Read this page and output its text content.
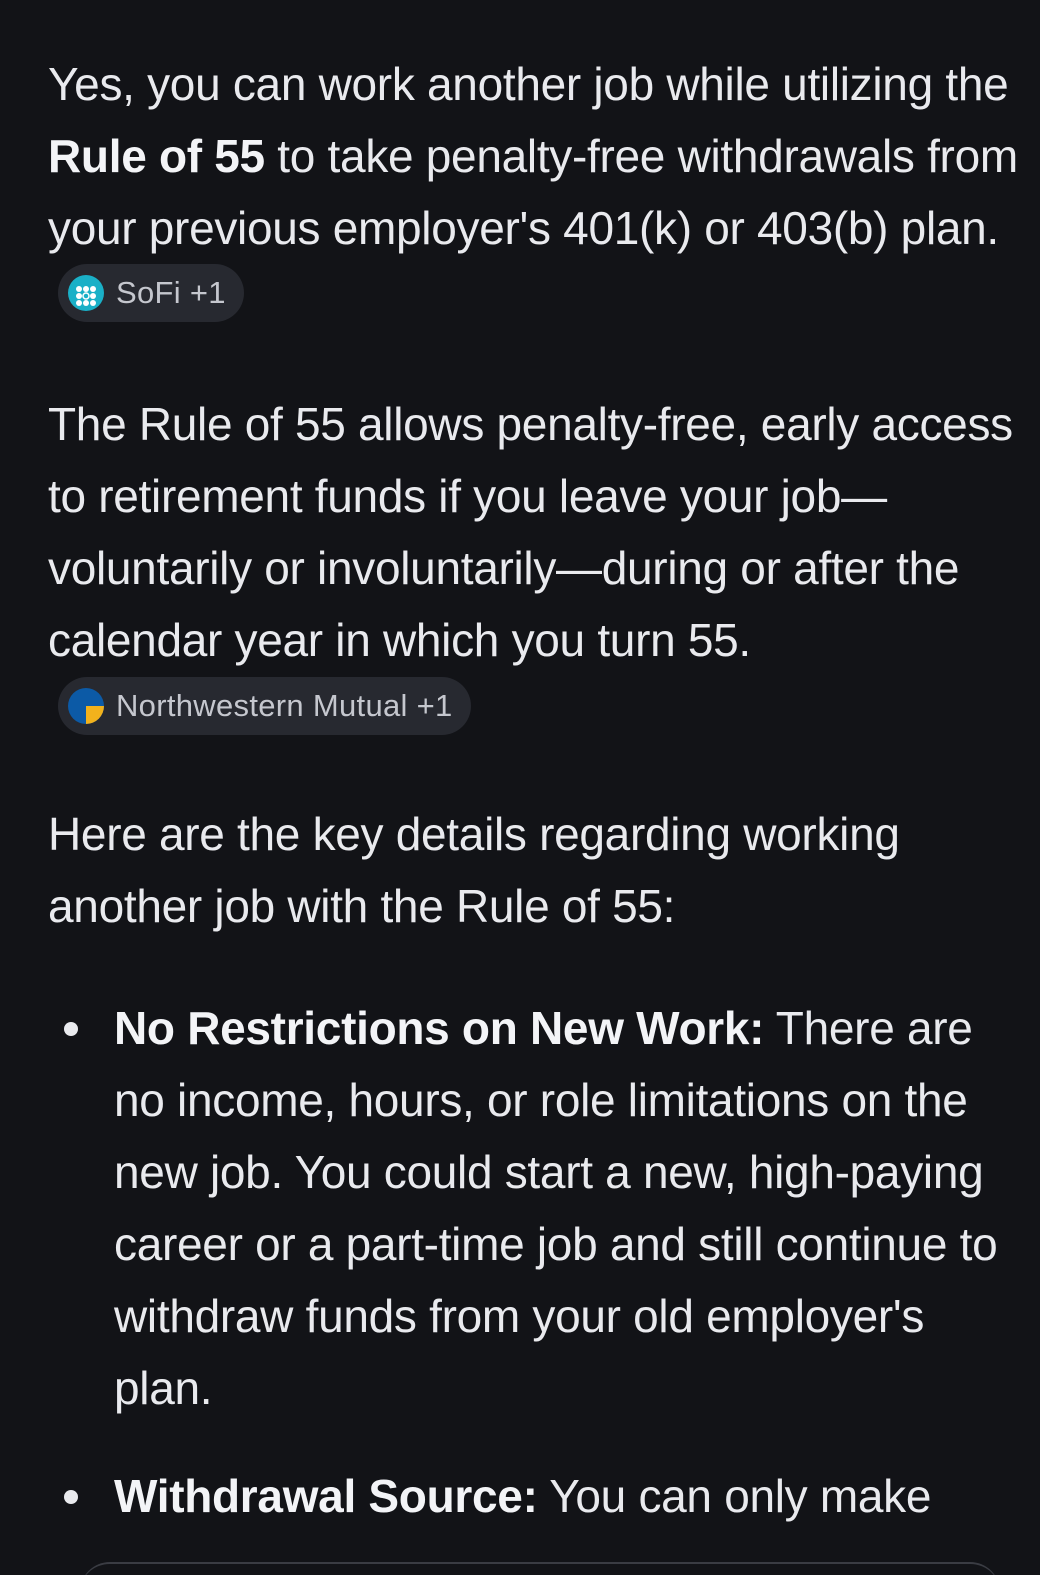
Yes, you can work another job while utilizing the Rule of 55 to take penalty-free withdrawals from your previous employer's 401(k) or 403(b) plan.
SoFi +1

The Rule of 55 allows penalty-free, early access to retirement funds if you leave your job—voluntarily or involuntarily—during or after the calendar year in which you turn 55.
Northwestern Mutual +1

Here are the key details regarding working another job with the Rule of 55:

No Restrictions on New Work: There are no income, hours, or role limitations on the new job. You could start a new, high-paying career or a part-time job and still continue to withdraw funds from your old employer's plan.
Withdrawal Source: You can only make
